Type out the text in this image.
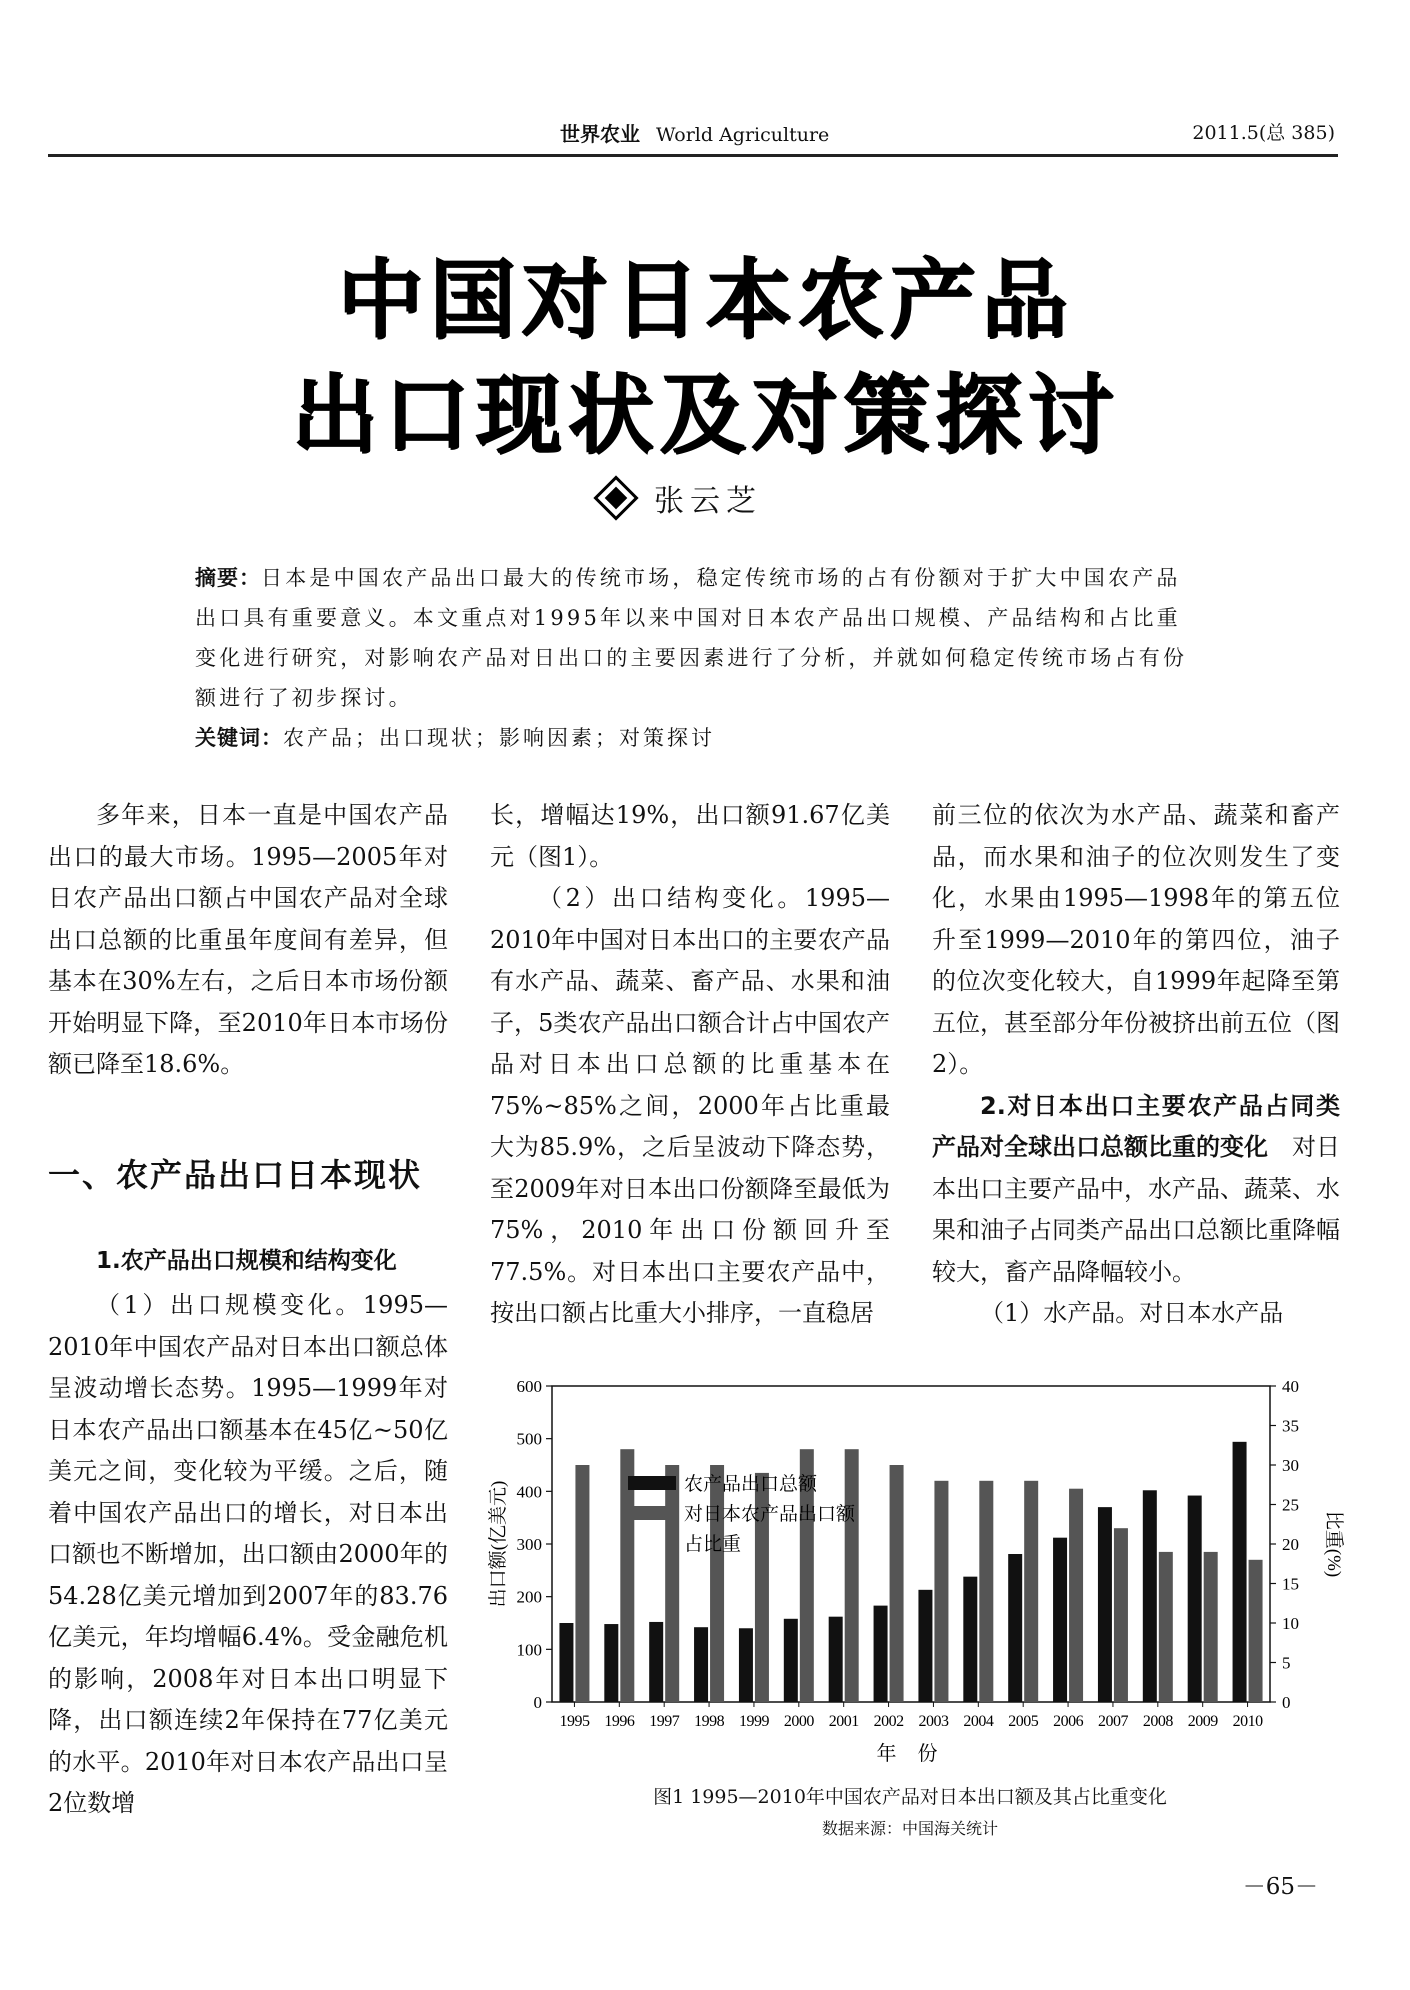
世界农业 World Agriculture	2011.5(总 385)
中国对日本农产品
出口现状及对策探讨
张云芝
摘要：日本是中国农产品出口最大的传统市场，稳定传统市场的占有份额对于扩大中国农产品出口具有重要意义。本文重点对1995年以来中国对日本农产品出口规模、产品结构和占比重变化进行研究，对影响农产品对日出口的主要因素进行了分析，并就如何稳定传统市场占有份额进行了初步探讨。
关键词：农产品；出口现状；影响因素；对策探讨

多年来，日本一直是中国农产品出口的最大市场。1995—2005年对日农产品出口额占中国农产品对全球出口总额的比重虽年度间有差异，但基本在30%左右，之后日本市场份额开始明显下降，至2010年日本市场份额已降至18.6%。

一、农产品出口日本现状
1.农产品出口规模和结构变化

（1）出口规模变化。1995—2010年中国农产品对日本出口额总体呈波动增长态势。1995—1999年对日本农产品出口额基本在45亿~50亿美元之间，变化较为平缓。之后，随着中国农产品出口的增长，对日本出口额也不断增加，出口额由2000年的54.28亿美元增加到2007年的83.76亿美元，年均增幅6.4%。受金融危机的影响，2008年对日本出口明显下降，出口额连续2年保持在77亿美元的水平。2010年对日本农产品出口呈2位数增

长，增幅达19%，出口额91.67亿美元（图1）。

（2）出口结构变化。1995—2010年中国对日本出口的主要农产品有水产品、蔬菜、畜产品、水果和油子，5类农产品出口额合计占中国农产品对日本出口总额的比重基本在75%~85%之间，2000年占比重最大为85.9%，之后呈波动下降态势，至2009年对日本出口份额降至最低为75%，2010年出口份额回升至77.5%。对日本出口主要农产品中，按出口额占比重大小排序，一直稳居

前三位的依次为水产品、蔬菜和畜产品，而水果和油子的位次则发生了变化，水果由1995—1998年的第五位升至1999—2010年的第四位，油子的位次变化较大，自1999年起降至第五位，甚至部分年份被挤出前五位（图2）。

2.对日本出口主要农产品占同类产品对全球出口总额比重的变化　 对日本出口主要产品中，水产品、蔬菜、水果和油子占同类产品出口总额比重降幅较大，畜产品降幅较小。

（1）水产品。对日本水产品

0
100
200
300
400
500
600
0
5
10
15
20
25
30
35
40
1995 1996 1997 1998 1999 2000 2001 2002 2003 2004 2005 2006 2007 2008 2009 2010
年 份
出口额(亿美元)	比重(%)
农产品出口总额
对日本农产品出口额
占比重
图1 1995—2010年中国农产品对日本出口额及其占比重变化
数据来源：中国海关统计
－65－
